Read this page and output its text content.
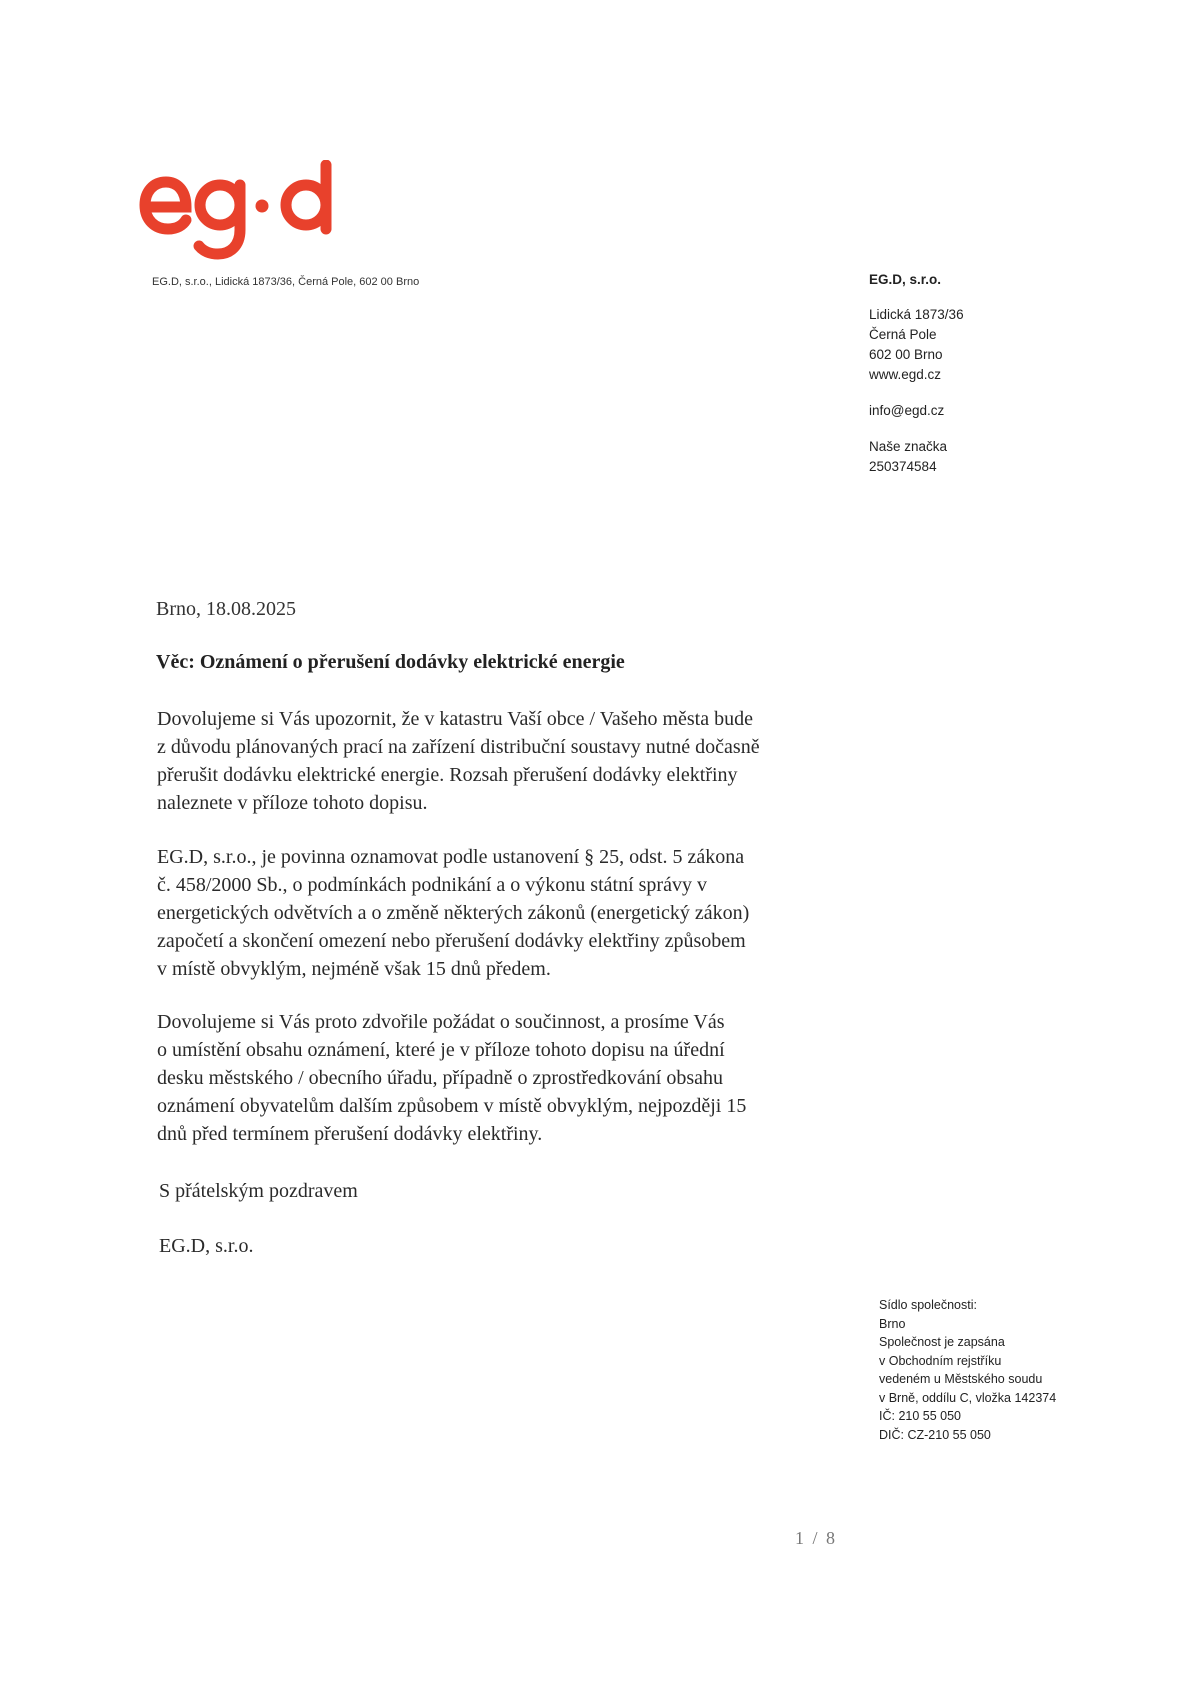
EG.D, s.r.o., Lidická 1873/36, Černá Pole, 602 00 Brno	EG.D, s.r.o.
Lidická 1873/36
Černá Pole
602 00 Brno
www.egd.cz
info@egd.cz
Naše značka
250374584
Brno, 18.08.2025
Věc: Oznámení o přerušení dodávky elektrické energie
Dovolujeme si Vás upozornit, že v katastru Vaší obce / Vašeho města bude
z důvodu plánovaných prací na zařízení distribuční soustavy nutné dočasně
přerušit dodávku elektrické energie. Rozsah přerušení dodávky elektřiny
naleznete v příloze tohoto dopisu.
EG.D, s.r.o., je povinna oznamovat podle ustanovení § 25, odst. 5 zákona
č. 458/2000 Sb., o podmínkách podnikání a o výkonu státní správy v
energetických odvětvích a o změně některých zákonů (energetický zákon)
započetí a skončení omezení nebo přerušení dodávky elektřiny způsobem
v místě obvyklým, nejméně však 15 dnů předem.
Dovolujeme si Vás proto zdvořile požádat o součinnost, a prosíme Vás
o umístění obsahu oznámení, které je v příloze tohoto dopisu na úřední
desku městského / obecního úřadu, případně o zprostředkování obsahu
oznámení obyvatelům dalším způsobem v místě obvyklým, nejpozději 15
dnů před termínem přerušení dodávky elektřiny.
S přátelským pozdravem
EG.D, s.r.o.
Sídlo společnosti:
Brno
Společnost je zapsána
v Obchodním rejstříku
vedeném u Městského soudu
v Brně, oddílu C, vložka 142374
IČ: 210 55 050
DIČ: CZ-210 55 050
1 / 8
